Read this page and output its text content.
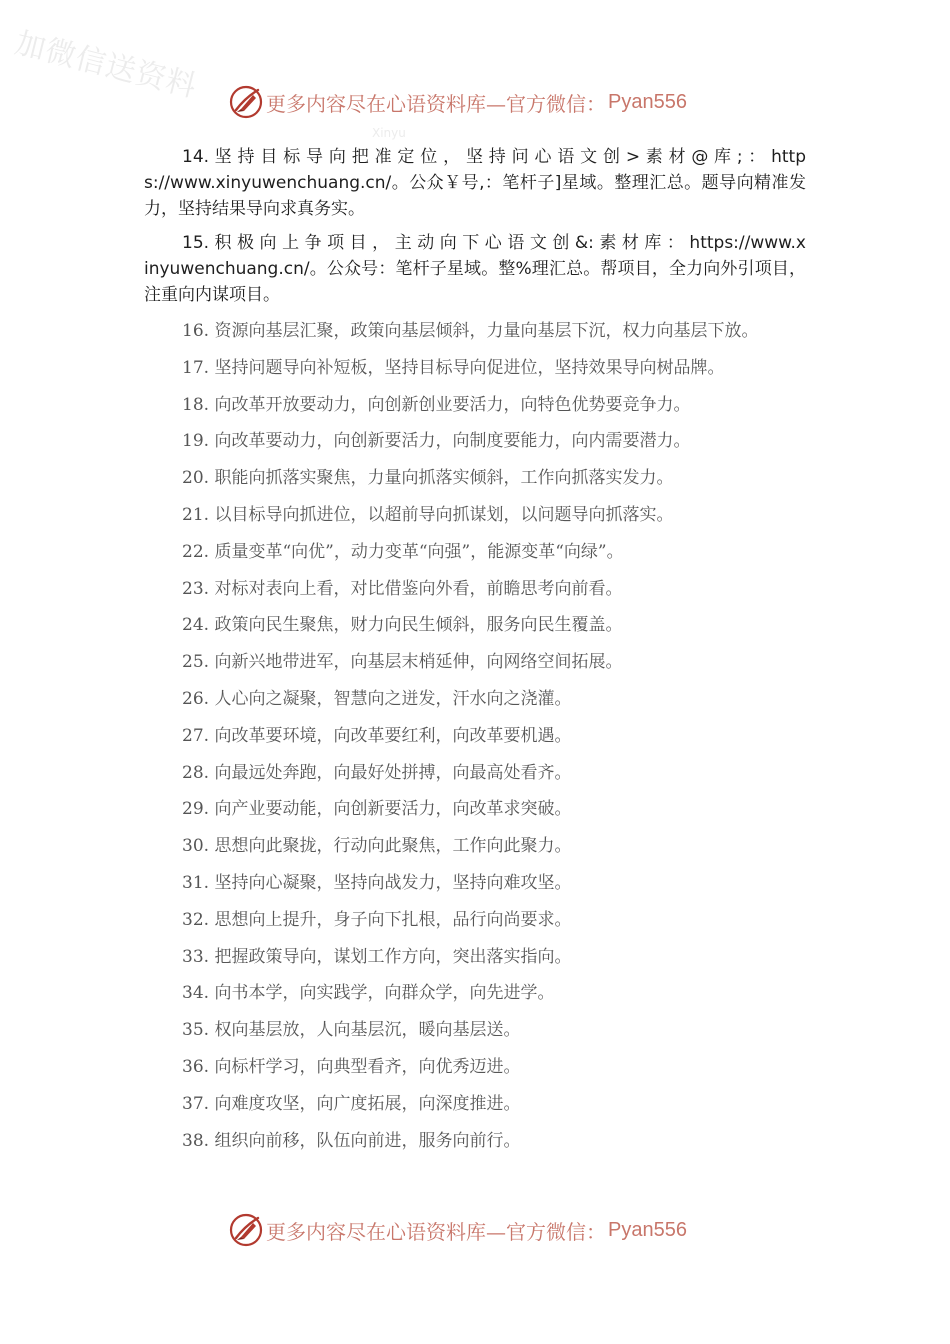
加微信送资料	更多内容尽在心语资料库—官方微信： Pyan556
Xinyu
14. 坚 持 目 标 导 向 把 准 定 位 ， 坚 持 问 心 语 文 创 > 素 材 @ 库 ; ： https://www.xinyuwenchuang.cn/。公众￥号,：笔杆子]星域。整理汇总。题导向精准发力，坚持结果导向求真务实。
15. 积 极 向 上 争 项 目 ， 主 动 向 下 心 语 文 创 &: 素 材 库 ： https://www.xinyuwenchuang.cn/。公众号：笔杆子星域。整%理汇总。帮项目，全力向外引项目，注重向内谋项目。
16. 资源向基层汇聚，政策向基层倾斜，力量向基层下沉，权力向基层下放。
17. 坚持问题导向补短板，坚持目标导向促进位，坚持效果导向树品牌。
18. 向改革开放要动力，向创新创业要活力，向特色优势要竞争力。
19. 向改革要动力，向创新要活力，向制度要能力，向内需要潜力。
20. 职能向抓落实聚焦，力量向抓落实倾斜，工作向抓落实发力。
21. 以目标导向抓进位，以超前导向抓谋划，以问题导向抓落实。
22. 质量变革“向优”，动力变革“向强”，能源变革“向绿”。
23. 对标对表向上看，对比借鉴向外看，前瞻思考向前看。
24. 政策向民生聚焦，财力向民生倾斜，服务向民生覆盖。
25. 向新兴地带进军，向基层末梢延伸，向网络空间拓展。
26. 人心向之凝聚，智慧向之迸发，汗水向之浇灌。
27. 向改革要环境，向改革要红利，向改革要机遇。
28. 向最远处奔跑，向最好处拼搏，向最高处看齐。
29. 向产业要动能，向创新要活力，向改革求突破。
30. 思想向此聚拢，行动向此聚焦，工作向此聚力。
31. 坚持向心凝聚，坚持向战发力，坚持向难攻坚。
32. 思想向上提升，身子向下扎根，品行向尚要求。
33. 把握政策导向，谋划工作方向，突出落实指向。
34. 向书本学，向实践学，向群众学，向先进学。
35. 权向基层放，人向基层沉，暖向基层送。
36. 向标杆学习，向典型看齐，向优秀迈进。
37. 向难度攻坚，向广度拓展，向深度推进。
38. 组织向前移，队伍向前进，服务向前行。
更多内容尽在心语资料库—官方微信： Pyan556
